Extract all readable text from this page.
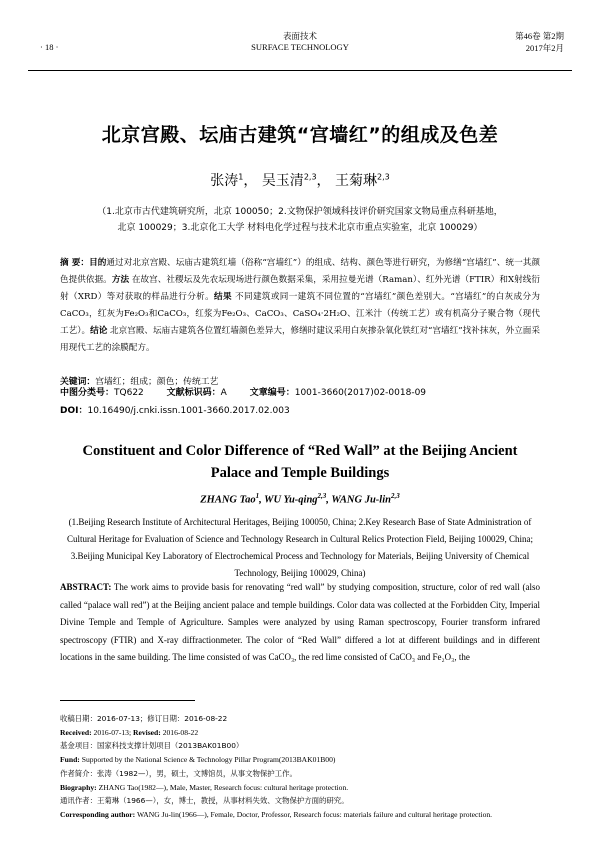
表面技术
· 18 ·	SURFACE TECHNOLOGY	2017年2月
第46卷 第2期
北京宫殿、坛庙古建筑“宫墙红”的组成及色差
张涛$^1$， 吴玉清$^{2,3}$， 王菊琳$^{2,3}$
（1.北京市古代建筑研究所，北京 100050；2.文物保护领域科技评价研究国家文物局重点科研基地，
北京 100029；3.北京化工大学 材料电化学过程与技术北京市重点实验室，北京 100029）
摘 要：目的通过对北京宫殿、坛庙古建筑红墙（俗称“宫墙红”）的组成、结构、颜色等进行研究，为修缮“宫墙红”、统一其颜色提供依据。方法 在故宫、社稷坛及先农坛现场进行颜色数据采集，采用拉曼光谱（Raman）、红外光谱（FTIR）和X射线衍射（XRD）等对获取的样品进行分析。结果 不同建筑或同一建筑不同位置的“宫墙红”颜色差别大。“宫墙红”的白灰成分为CaCO₃，红灰为Fe₂O₃和CaCO₃，红浆为Fe₂O₃、CaCO₃、CaSO₄·2H₂O、江米汁（传统工艺）或有机高分子聚合物（现代工艺）。结论 北京宫殿、坛庙古建筑各位置红墙颜色差异大，修缮时建议采用白灰掺杂氧化铁红对“宫墙红”找补抹灰，外立面采用现代工艺的涂膜配方。
关键词：宫墙红；组成；颜色；传统工艺
中图分类号：TQ622	文献标识码：A	文章编号：1001-3660(2017)02-0018-09
DOI：10.16490/j.cnki.issn.1001-3660.2017.02.003
Constituent and Color Difference of “Red Wall” at the Beijing Ancient
Palace and Temple Buildings
ZHANG Tao$^1$, WU Yu-qing$^{2,3}$, WANG Ju-lin$^{2,3}$
(1.Beijing Research Institute of Architectural Heritages, Beijing 100050, China; 2.Key Research Base of State Administration of
Cultural Heritage for Evaluation of Science and Technology Research in Cultural Relics Protection Field, Beijing 100029, China;
3.Beijing Municipal Key Laboratory of Electrochemical Process and Technology for Materials, Beijing University of Chemical
Technology, Beijing 100029, China)
ABSTRACT: The work aims to provide basis for renovating “red wall” by studying composition, structure, color of red wall (also called “palace wall red”) at the Beijing ancient palace and temple buildings. Color data was collected at the Forbidden City, Imperial Divine Temple and Temple of Agriculture. Samples were analyzed by using Raman spectroscopy, Fourier transform infrared spectroscopy (FTIR) and X-ray diffractionmeter. The color of “Red Wall” differed a lot at different buildings and in different locations in the same building. The lime consisted of was CaCO₃, the red lime consisted of CaCO₃ and Fe₂O₃, the
收稿日期：2016-07-13；修订日期：2016-08-22
Received: 2016-07-13; Revised: 2016-08-22
基金项目：国家科技支撑计划项目（2013BAK01B00）
Fund: Supported by the National Science & Technology Pillar Program(2013BAK01B00)
作者简介：张涛（1982—），男，硕士，文博馆员，从事文物保护工作。
Biography: ZHANG Tao(1982—), Male, Master, Research focus: cultural heritage protection.
通讯作者：王菊琳（1966—），女，博士，教授，从事材料失效、文物保护方面的研究。
Corresponding author: WANG Ju-lin(1966—), Female, Doctor, Professor, Research focus: materials failure and cultural heritage protection.
